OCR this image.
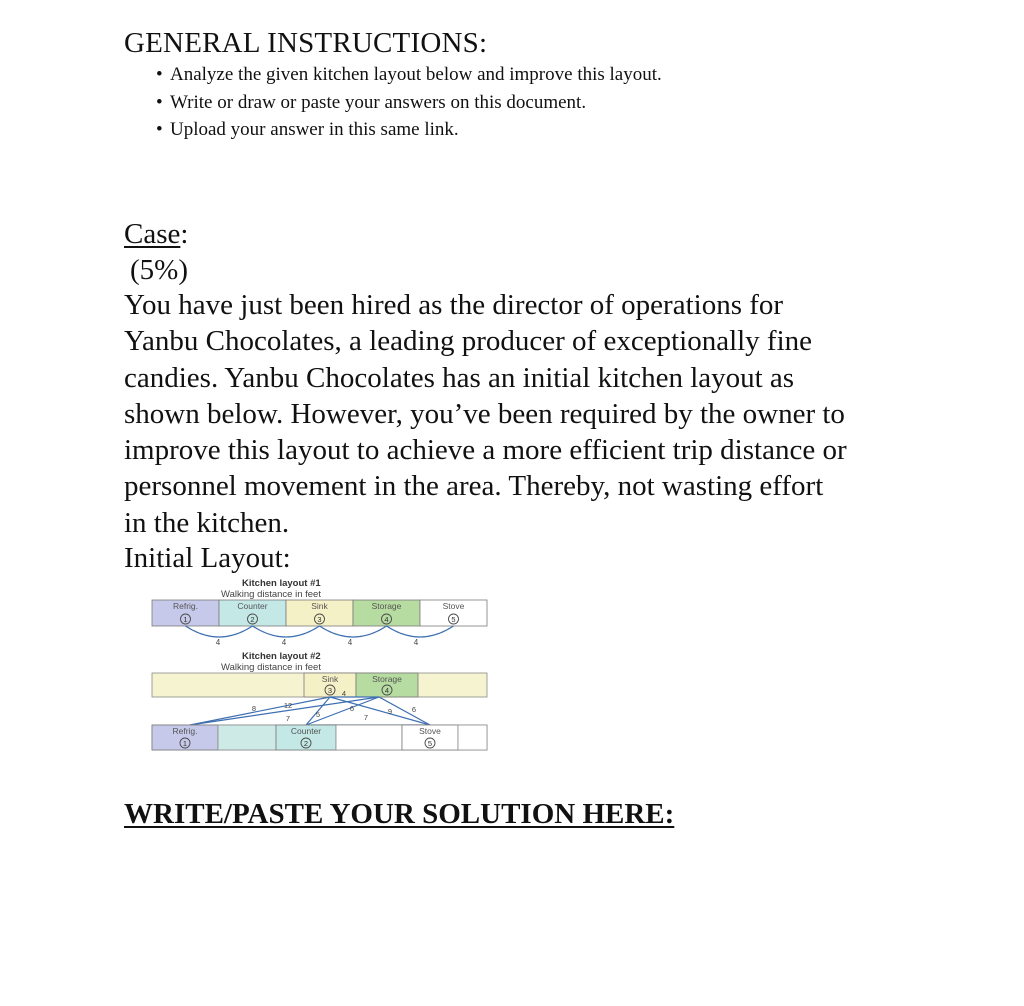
GENERAL INSTRUCTIONS:
• Analyze the given kitchen layout below and improve this layout.
• Write or draw or paste your answers on this document.
• Upload your answer in this same link.
Case:
(5%)

You have just been hired as the director of operations for
Yanbu Chocolates, a leading producer of exceptionally fine
candies. Yanbu Chocolates has an initial kitchen layout as
shown below. However, you’ve been required by the owner to
improve this layout to achieve a more efficient trip distance or
personnel movement in the area. Thereby, not wasting effort
in the kitchen.

Initial Layout:
Kitchen layout #1
Walking distance in feet
Refrig.
1
Counter
2
Sink
3
Storage
4
Stove
5
4	4	4	4
Kitchen layout #2
Walking distance in feet
Sink
3
Storage
4
8	12
7	5
4
6
7
9	6
Refrig.
1
Counter
2
Stove
5
WRITE/PASTE YOUR SOLUTION HERE:
